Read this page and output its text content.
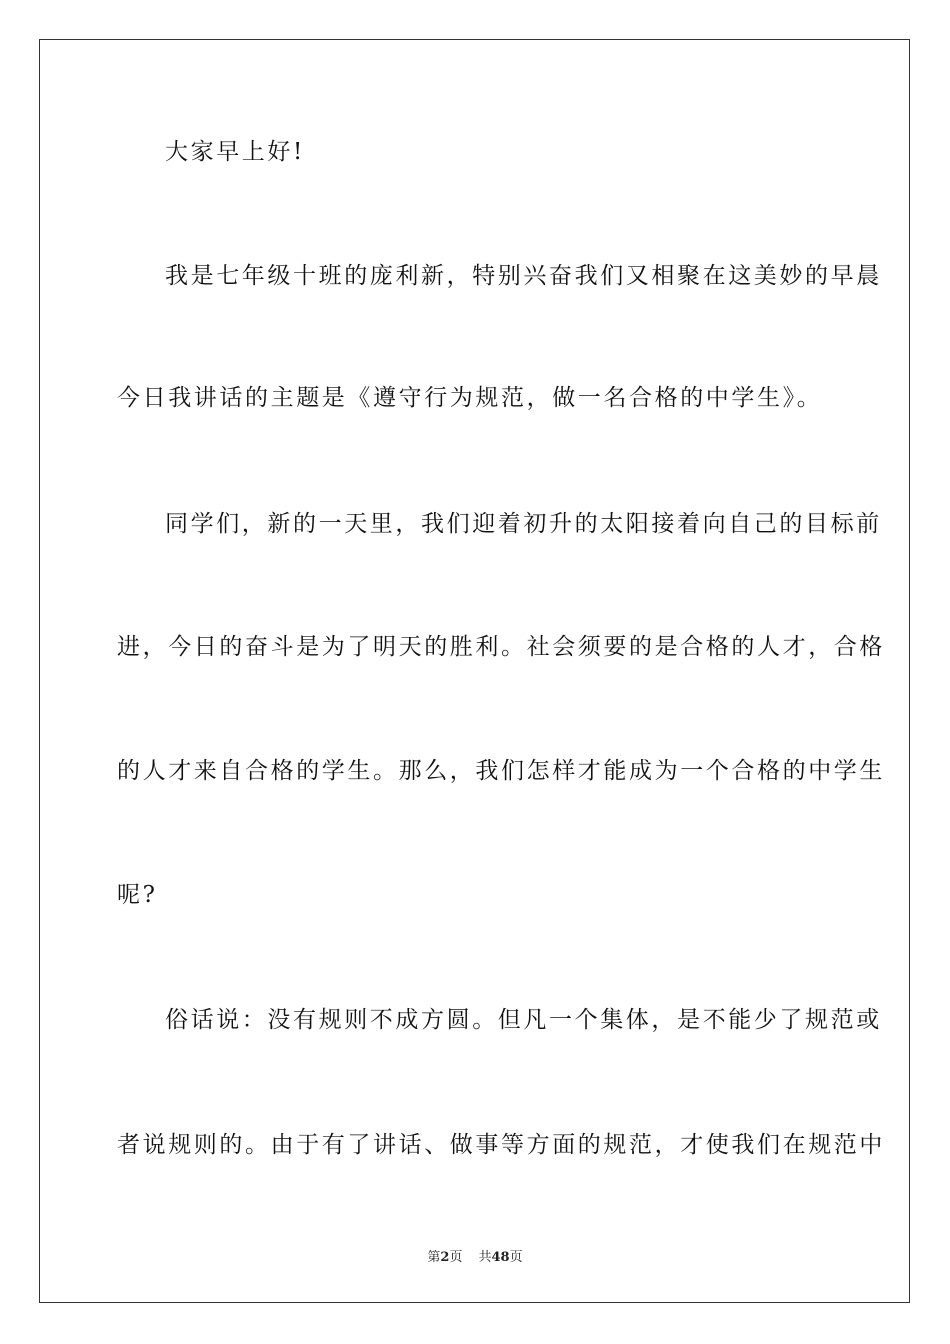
大家早上好!
我是七年级十班的庞利新，特别兴奋我们又相聚在这美妙的早晨
今日我讲话的主题是《遵守行为规范，做一名合格的中学生》。
同学们，新的一天里，我们迎着初升的太阳接着向自己的目标前
进，今日的奋斗是为了明天的胜利。社会须要的是合格的人才，合格
的人才来自合格的学生。那么，我们怎样才能成为一个合格的中学生
呢?
俗话说：没有规则不成方圆。但凡一个集体，是不能少了规范或
者说规则的。由于有了讲话、做事等方面的规范，才使我们在规范中
第2页 共48页
